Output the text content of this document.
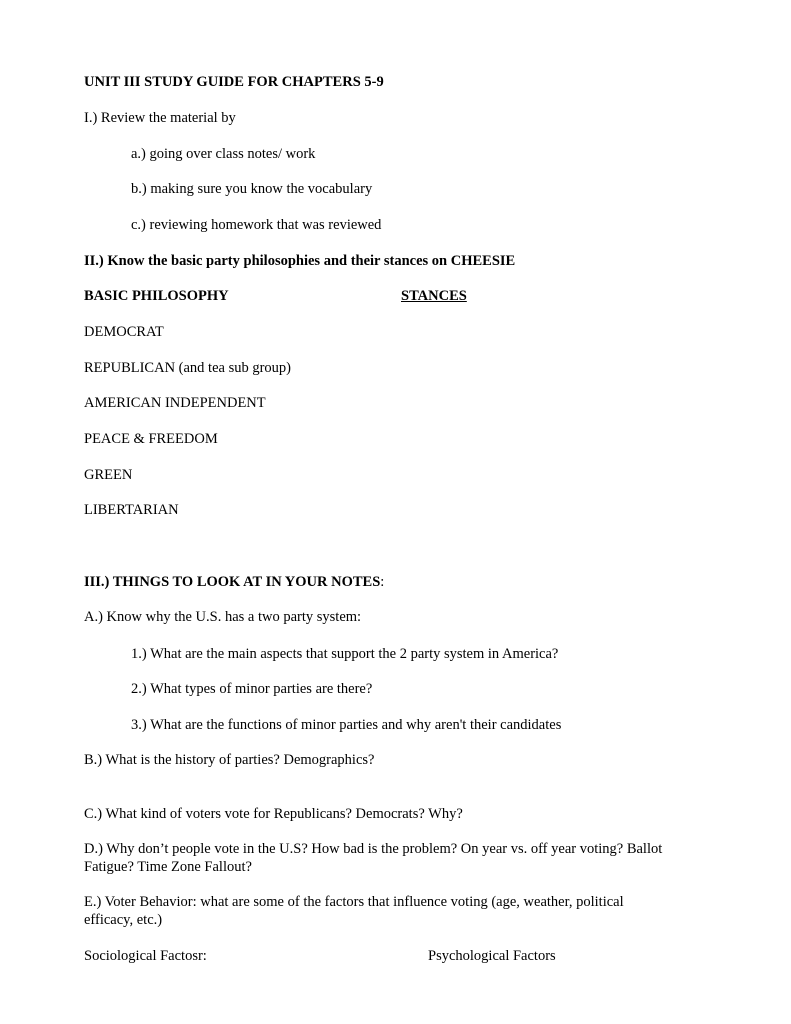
UNIT III STUDY GUIDE FOR CHAPTERS 5-9
I.) Review the material by
a.) going over class notes/ work
b.) making sure you know the vocabulary
c.) reviewing homework that was reviewed
II.) Know the basic party philosophies and their stances on CHEESIE
BASIC PHILOSOPHY	STANCES
DEMOCRAT
REPUBLICAN (and tea sub group)
AMERICAN INDEPENDENT
PEACE & FREEDOM
GREEN
LIBERTARIAN
III.) THINGS TO LOOK AT IN YOUR NOTES:
A.) Know why the U.S. has a two party system:
1.) What are the main aspects that support the 2 party system in America?
2.) What types of minor parties are there?
3.) What are the functions of minor parties and why aren't their candidates
B.) What is the history of parties? Demographics?
C.) What kind of voters vote for Republicans? Democrats? Why?
D.) Why don’t people vote in the U.S? How bad is the problem? On year vs. off year voting? Ballot
Fatigue? Time Zone Fallout?
E.) Voter Behavior: what are some of the factors that influence voting (age, weather, political
efficacy, etc.)
Sociological Factosr:	Psychological Factors
